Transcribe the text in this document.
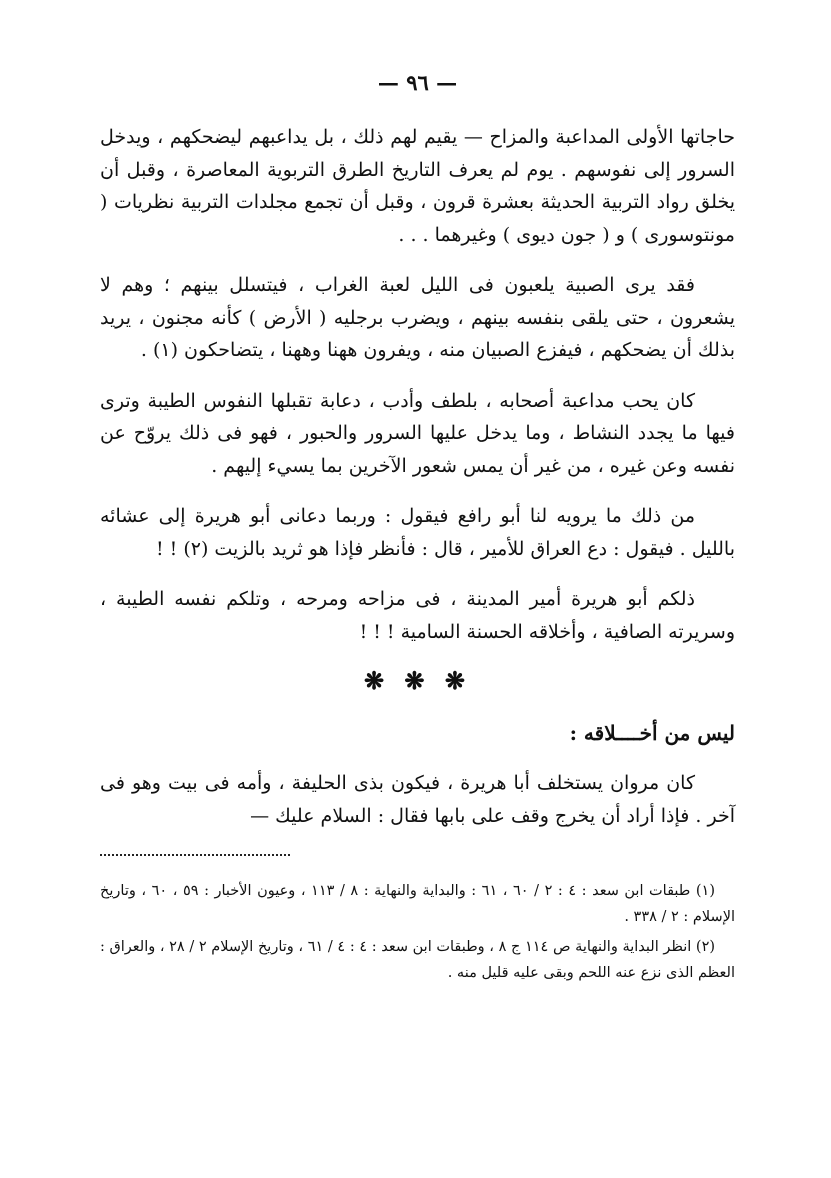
— ٩٦ —

حاجاتها الأولى المداعبة والمزاح — يقيم لهم ذلك ، بل يداعبهم ليضحكهم ، ويدخل السرور إلى نفوسهم . يوم لم يعرف التاريخ الطرق التربوية المعاصرة ، وقبل أن يخلق رواد التربية الحديثة بعشرة قرون ، وقبل أن تجمع مجلدات التربية نظريات ( مونتوسورى ) و ( جون ديوى ) وغيرهما . . .

فقد يرى الصبية يلعبون فى الليل لعبة الغراب ، فيتسلل بينهم ؛ وهم لا يشعرون ، حتى يلقى بنفسه بينهم ، ويضرب برجليه ( الأرض ) كأنه مجنون ، يريد بذلك أن يضحكهم ، فيفزع الصبيان منه ، ويفرون ههنا وههنا ، يتضاحكون (١) .

كان يحب مداعبة أصحابه ، بلطف وأدب ، دعابة تقبلها النفوس الطيبة وترى فيها ما يجدد النشاط ، وما يدخل عليها السرور والحبور ، فهو فى ذلك يروّح عن نفسه وعن غيره ، من غير أن يمس شعور الآخرين بما يسيء إليهم .

من ذلك ما يرويه لنا أبو رافع فيقول : وربما دعانى أبو هريرة إلى عشائه بالليل . فيقول : دع العراق للأمير ، قال : فأنظر فإذا هو ثريد بالزيت (٢) ! !

ذلكم أبو هريرة أمير المدينة ، فى مزاحه ومرحه ، وتلكم نفسه الطيبة ، وسريرته الصافية ، وأخلاقه الحسنة السامية ! ! !

❋ ❋ ❋
ليس من أخــــلاقه :

كان مروان يستخلف أبا هريرة ، فيكون بذى الحليفة ، وأمه فى بيت وهو فى آخر . فإذا أراد أن يخرج وقف على بابها فقال : السلام عليك —

(١) طبقات ابن سعد : ٤ : ٢ / ٦٠ ، ٦١ : والبداية والنهاية : ٨ / ١١٣ ، وعيون الأخبار : ٥٩ ، ٦٠ ، وتاريخ الإسلام : ٢ / ٣٣٨ .

(٢) انظر البداية والنهاية ص ١١٤ ج ٨ ، وطبقات ابن سعد : ٤ : ٤ / ٦١ ، وتاريخ الإسلام ٢ / ٢٨ ، والعراق : العظم الذى نزع عنه اللحم وبقى عليه قليل منه .
